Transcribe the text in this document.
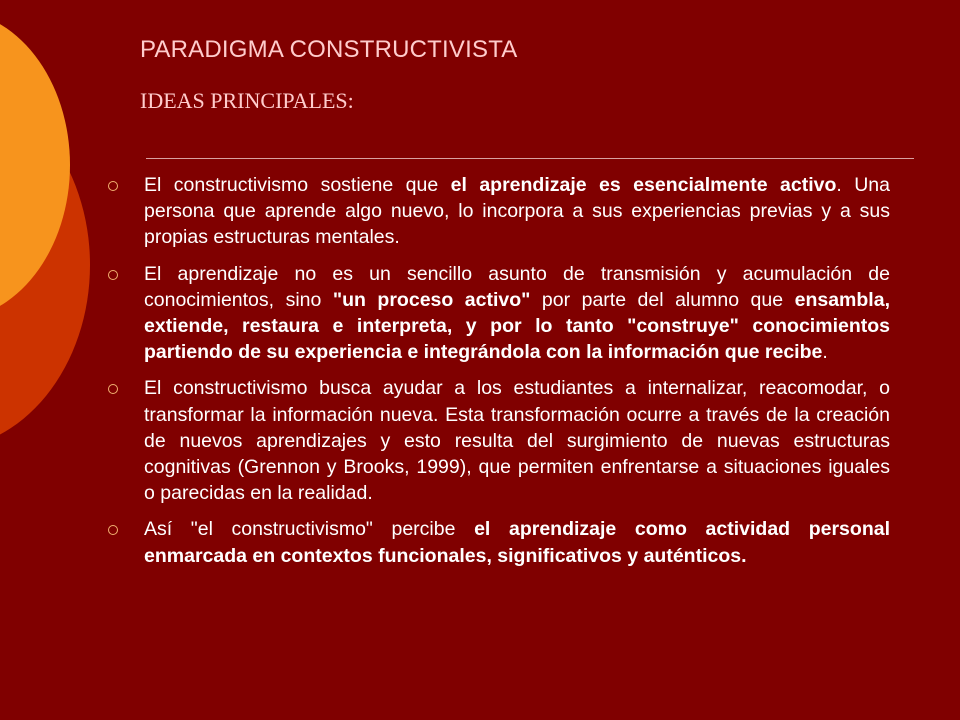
PARADIGMA CONSTRUCTIVISTA
IDEAS PRINCIPALES:
El constructivismo sostiene que el aprendizaje es esencialmente activo. Una persona que aprende algo nuevo, lo incorpora a sus experiencias previas y a sus propias estructuras mentales.
El aprendizaje no es un sencillo asunto de transmisión y acumulación de conocimientos, sino "un proceso activo" por parte del alumno que ensambla, extiende, restaura e interpreta, y por lo tanto "construye" conocimientos partiendo de su experiencia e integrándola con la información que recibe.
El constructivismo busca ayudar a los estudiantes a internalizar, reacomodar, o transformar la información nueva. Esta transformación ocurre a través de la creación de nuevos aprendizajes y esto resulta del surgimiento de nuevas estructuras cognitivas (Grennon y Brooks, 1999), que permiten enfrentarse a situaciones iguales o parecidas en la realidad.
Así "el constructivismo" percibe el aprendizaje como actividad personal enmarcada en contextos funcionales, significativos y auténticos.
